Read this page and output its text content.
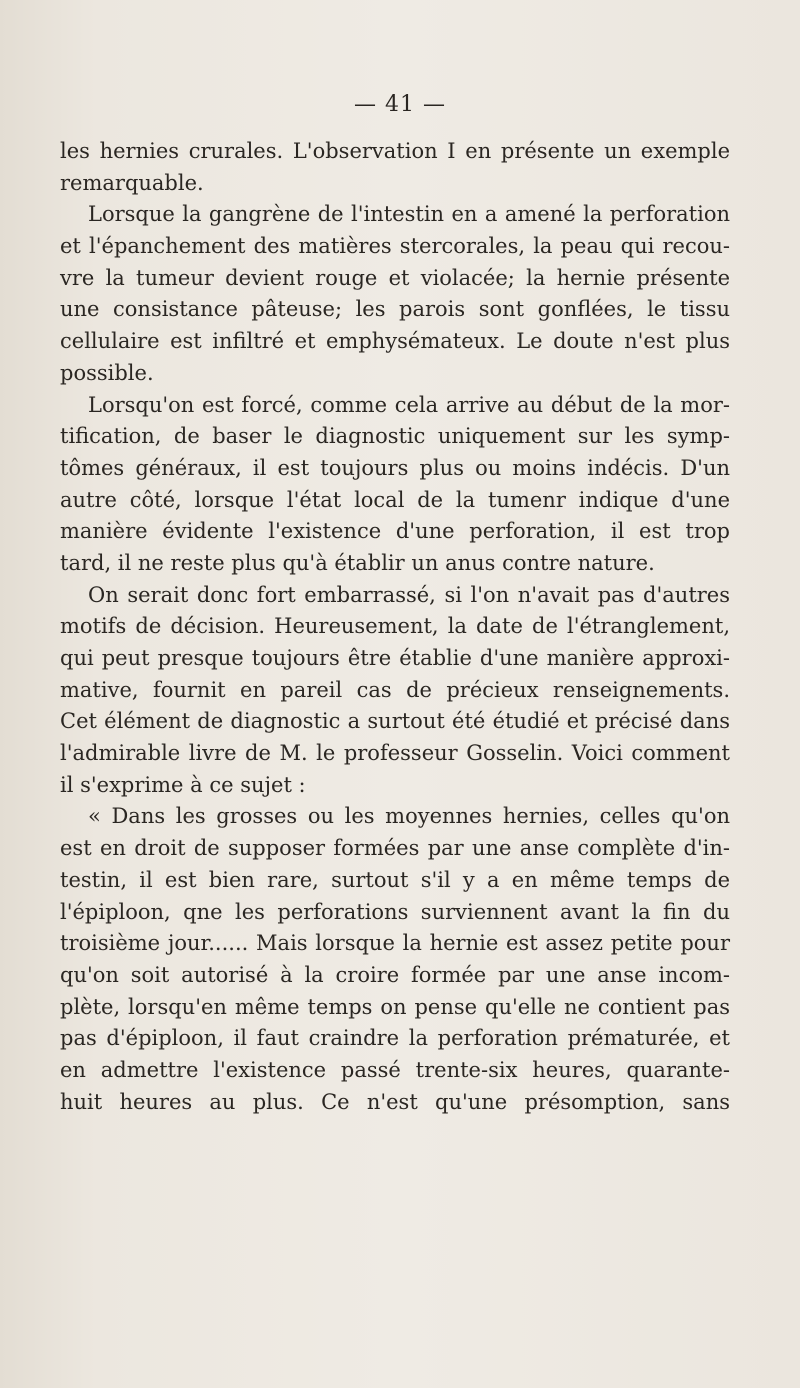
— 41 —
les hernies crurales. L'observation I en présente un exemple
remarquable.
Lorsque la gangrène de l'intestin en a amené la perforation
et l'épanchement des matières stercorales, la peau qui recou-
vre la tumeur devient rouge et violacée; la hernie présente
une consistance pâteuse; les parois sont gonflées, le tissu
cellulaire est infiltré et emphysémateux. Le doute n'est plus
possible.
Lorsqu'on est forcé, comme cela arrive au début de la mor-
tification, de baser le diagnostic uniquement sur les symp-
tômes généraux, il est toujours plus ou moins indécis. D'un
autre côté, lorsque l'état local de la tumenr indique d'une
manière évidente l'existence d'une perforation, il est trop
tard, il ne reste plus qu'à établir un anus contre nature.
On serait donc fort embarrassé, si l'on n'avait pas d'autres
motifs de décision. Heureusement, la date de l'étranglement,
qui peut presque toujours être établie d'une manière approxi-
mative, fournit en pareil cas de précieux renseignements.
Cet élément de diagnostic a surtout été étudié et précisé dans
l'admirable livre de M. le professeur Gosselin. Voici comment
il s'exprime à ce sujet :
« Dans les grosses ou les moyennes hernies, celles qu'on
est en droit de supposer formées par une anse complète d'in-
testin, il est bien rare, surtout s'il y a en même temps de
l'épiploon, qne les perforations surviennent avant la fin du
troisième jour...... Mais lorsque la hernie est assez petite pour
qu'on soit autorisé à la croire formée par une anse incom-
plète, lorsqu'en même temps on pense qu'elle ne contient pas
pas d'épiploon, il faut craindre la perforation prématurée, et
en admettre l'existence passé trente-six heures, quarante-
huit heures au plus. Ce n'est qu'une présomption, sans
